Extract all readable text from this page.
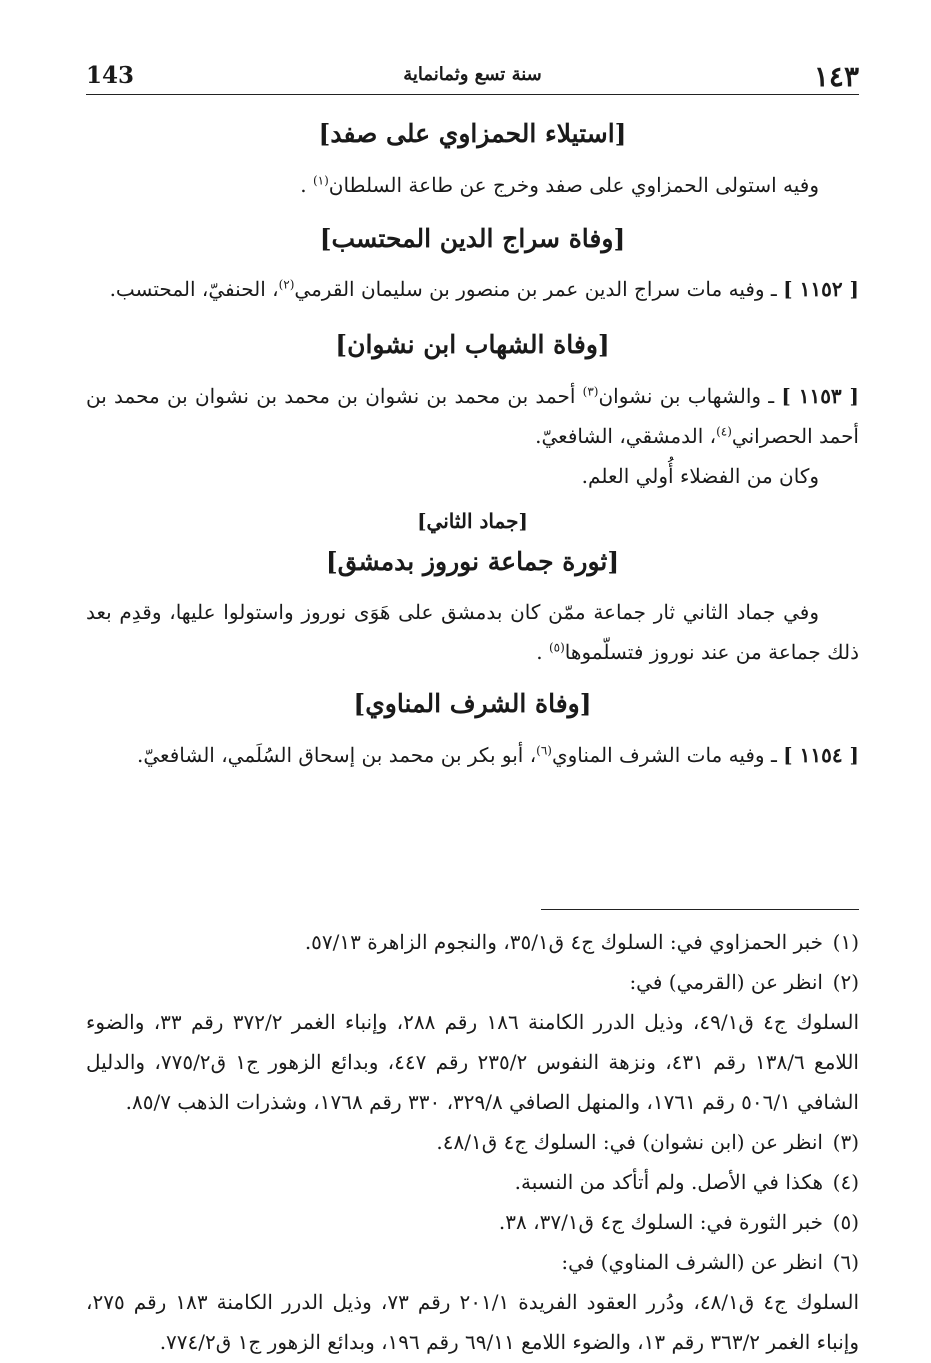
١٤٣
سنة تسع وثمانماية
143
[استيلاء الحمزاوي على صفد]

وفيه استولى الحمزاوي على صفد وخرج عن طاعة السلطان$^{(١)}$ .

[وفاة سراج الدين المحتسب]

[ ١١٥٢ ] ـ وفيه مات سراج الدين عمر بن منصور بن سليمان القرمي$^{(٢)}$، الحنفيّ، المحتسب.

[وفاة الشهاب ابن نشوان]

[ ١١٥٣ ] ـ والشهاب بن نشوان$^{(٣)}$ أحمد بن محمد بن نشوان بن محمد بن نشوان بن محمد بن أحمد الحصراني$^{(٤)}$، الدمشقي، الشافعيّ.

وكان من الفضلاء أُولي العلم.

[جماد الثاني]
[ثورة جماعة نوروز بدمشق]

وفي جماد الثاني ثار جماعة ممّن كان بدمشق على هَوَى نوروز واستولوا عليها، وقدِم بعد ذلك جماعة من عند نوروز فتسلّموها$^{(٥)}$ .

[وفاة الشرف المناوي]

[ ١١٥٤ ] ـ وفيه مات الشرف المناوي$^{(٦)}$، أبو بكر بن محمد بن إسحاق السُلَمي، الشافعيّ.

(١)خبر الحمزاوي في: السلوك ج٤ ق٣٥/١، والنجوم الزاهرة ٥٧/١٣.

(٢)انظر عن (القرمي) في:
السلوك ج٤ ق٤٩/١، وذيل الدرر الكامنة ١٨٦ رقم ٢٨٨، وإنباء الغمر ٣٧٢/٢ رقم ٣٣، والضوء اللامع ١٣٨/٦ رقم ٤٣١، ونزهة النفوس ٢٣٥/٢ رقم ٤٤٧، وبدائع الزهور ج١ ق٧٧٥/٢، والدليل الشافي ٥٠٦/١ رقم ١٧٦١، والمنهل الصافي ٣٢٩/٨، ٣٣٠ رقم ١٧٦٨، وشذرات الذهب ٨٥/٧.

(٣)انظر عن (ابن نشوان) في: السلوك ج٤ ق٤٨/١.

(٤)هكذا في الأصل. ولم أتأكد من النسبة.

(٥)خبر الثورة في: السلوك ج٤ ق٣٧/١، ٣٨.

(٦)انظر عن (الشرف المناوي) في:
السلوك ج٤ ق٤٨/١، ودُرر العقود الفريدة ٢٠١/١ رقم ٧٣، وذيل الدرر الكامنة ١٨٣ رقم ٢٧٥، وإنباء الغمر ٣٦٣/٢ رقم ١٣، والضوء اللامع ٦٩/١١ رقم ١٩٦، وبدائع الزهور ج١ ق٧٧٤/٢.
